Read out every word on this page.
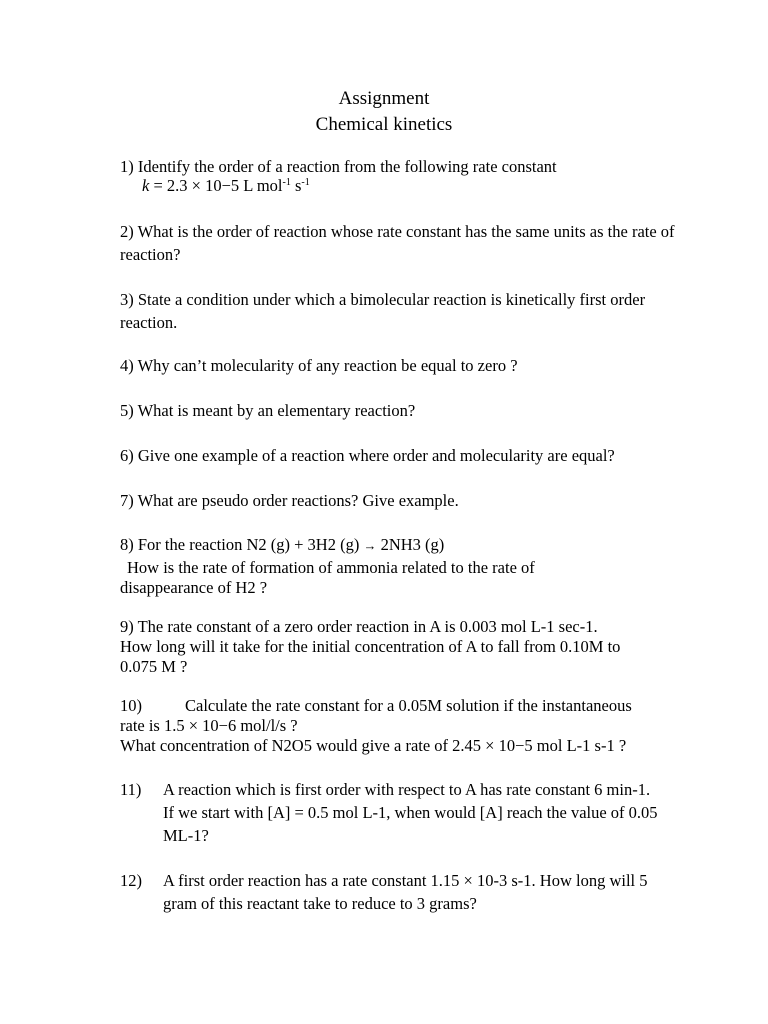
Assignment
Chemical kinetics
1) Identify the order of a reaction from the following rate constant
k = 2.3 × 10−5 L mol$^{-1}$ $s^{-1}$
2) What is the order of reaction whose rate constant has the same units as the rate of reaction?
3) State a condition under which a bimolecular reaction is kinetically first order reaction.
4) Why can’t molecularity of any reaction be equal to zero ?
5) What is meant by an elementary reaction?
6) Give one example of a reaction where order and molecularity are equal?
7) What are pseudo order reactions? Give example.
8) For the reaction N2 (g) + 3H2 (g) → 2NH3 (g)
How is the rate of formation of ammonia related to the rate of
disappearance of H2 ?
9) The rate constant of a zero order reaction in A is 0.003 mol L-1 sec-1.
How long will it take for the initial concentration of A to fall from 0.10M to
0.075 M ?
10)	Calculate the rate constant for a 0.05M solution if the instantaneous
rate is 1.5 × 10−6 mol/l/s ?
What concentration of N2O5 would give a rate of 2.45 × 10−5 mol L-1 s-1 ?
11) A reaction which is first order with respect to A has rate constant 6 min-1. If we start with [A] = 0.5 mol L-1, when would [A] reach the value of 0.05 ML-1?
12) A first order reaction has a rate constant 1.15 × 10-3 s-1. How long will 5 gram of this reactant take to reduce to 3 grams?
